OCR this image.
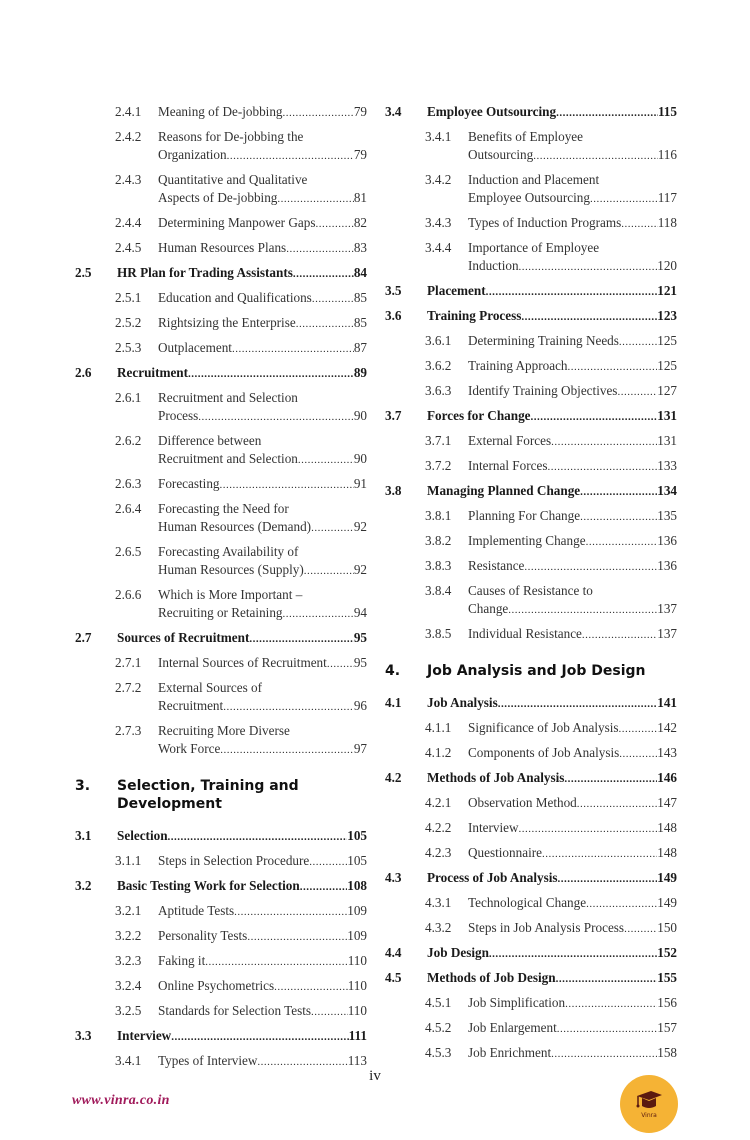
2.4.1 Meaning of De-jobbing .....	79
2.4.2 Reasons for De-jobbing the
Organization .....	79
2.4.3 Quantitative and Qualitative
Aspects of De-jobbing .....	81
2.4.4 Determining Manpower Gaps .....	82
2.4.5 Human Resources Plans .....	83
2.5 HR Plan for Trading Assistants .....	84
2.5.1 Education and Qualifications .....	85
2.5.2 Rightsizing the Enterprise .....	85
2.5.3 Outplacement .....	87
2.6 Recruitment .....	89
2.6.1 Recruitment and Selection
Process .....	90
2.6.2 Difference between
Recruitment and Selection .....	90
2.6.3 Forecasting .....	91
2.6.4 Forecasting the Need for
Human Resources (Demand) .....	92
2.6.5 Forecasting Availability of
Human Resources (Supply) .....	92
2.6.6 Which is More Important –
Recruiting or Retaining .....	94
2.7 Sources of Recruitment .....	95
2.7.1 Internal Sources of Recruitment ..... 95
2.7.2 External Sources of
Recruitment .....	96
2.7.3 Recruiting More Diverse
Work Force .....	97
3. Selection, Training and
Development
3.1 Selection .....	105
3.1.1 Steps in Selection Procedure .....	105
3.2 Basic Testing Work for Selection .....	108
3.2.1 Aptitude Tests .....	109
3.2.2 Personality Tests .....	109
3.2.3 Faking it .....	110
3.2.4 Online Psychometrics .....	110
3.2.5 Standards for Selection Tests .....	110
3.3 Interview .....	111
3.4.1 Types of Interview .....	113
3.4 Employee Outsourcing .....	115
3.4.1 Benefits of Employee
Outsourcing .....	116
3.4.2 Induction and Placement
Employee Outsourcing .....	117
3.4.3 Types of Induction Programs .....	118
3.4.4 Importance of Employee
Induction .....	120
3.5 Placement .....	121
3.6 Training Process .....	123
3.6.1 Determining Training Needs .....	125
3.6.2 Training Approach .....	125
3.6.3 Identify Training Objectives .....	127
3.7 Forces for Change .....	131
3.7.1 External Forces .....	131
3.7.2 Internal Forces .....	133
3.8 Managing Planned Change .....	134
3.8.1 Planning For Change .....	135
3.8.2 Implementing Change .....	136
3.8.3 Resistance .....	136
3.8.4 Causes of Resistance to
Change .....	137
3.8.5 Individual Resistance .....	137
4. Job Analysis and Job Design
4.1 Job Analysis .....	141
4.1.1 Significance of Job Analysis .....	142
4.1.2 Components of Job Analysis .....	143
4.2 Methods of Job Analysis .....	146
4.2.1 Observation Method .....	147
4.2.2 Interview .....	148
4.2.3 Questionnaire .....	148
4.3 Process of Job Analysis .....	149
4.3.1 Technological Change .....	149
4.3.2 Steps in Job Analysis Process .....	150
4.4 Job Design .....	152
4.5 Methods of Job Design .....	155
4.5.1 Job Simplification .....	156
4.5.2 Job Enlargement .....	157
4.5.3 Job Enrichment .....	158
iv
www.vinra.co.in
Vinra
